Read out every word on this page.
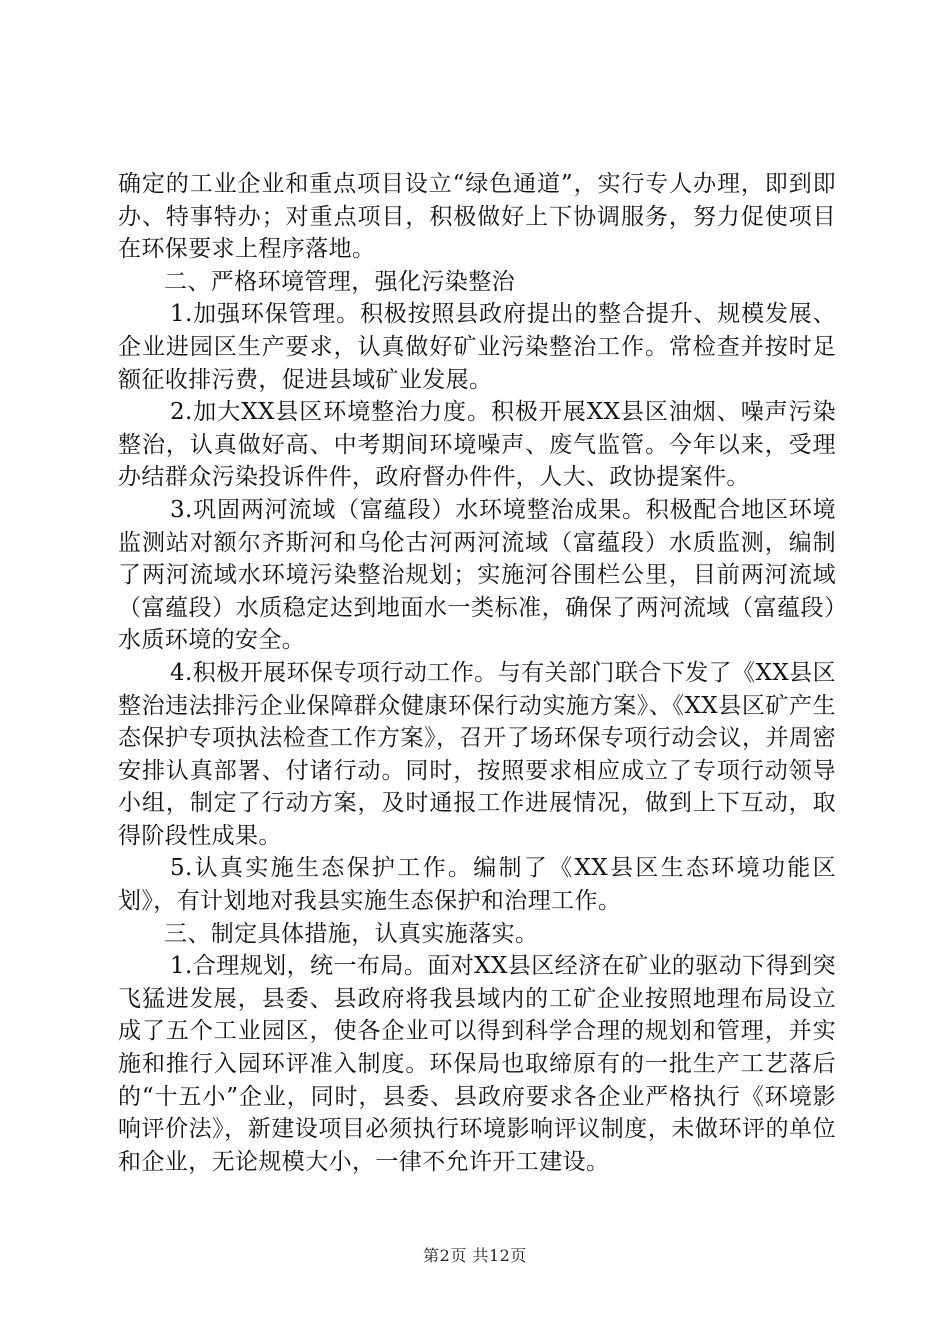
确定的工业企业和重点项目设立“绿色通道”，实行专人办理，即到即办、特事特办；对重点项目，积极做好上下协调服务，努力促使项目在环保要求上程序落地。

二、严格环境管理，强化污染整治

1.加强环保管理。积极按照县政府提出的整合提升、规模发展、企业进园区生产要求，认真做好矿业污染整治工作。常检查并按时足额征收排污费，促进县域矿业发展。

2.加大XX县区环境整治力度。积极开展XX县区油烟、噪声污染整治，认真做好高、中考期间环境噪声、废气监管。今年以来，受理办结群众污染投诉件件，政府督办件件，人大、政协提案件。

3.巩固两河流域（富蕴段）水环境整治成果。积极配合地区环境监测站对额尔齐斯河和乌伦古河两河流域（富蕴段）水质监测，编制了两河流域水环境污染整治规划；实施河谷围栏公里，目前两河流域（富蕴段）水质稳定达到地面水一类标准，确保了两河流域（富蕴段）水质环境的安全。

4.积极开展环保专项行动工作。与有关部门联合下发了《XX县区整治违法排污企业保障群众健康环保行动实施方案》、《XX县区矿产生态保护专项执法检查工作方案》，召开了场环保专项行动会议，并周密安排认真部署、付诸行动。同时，按照要求相应成立了专项行动领导小组，制定了行动方案，及时通报工作进展情况，做到上下互动，取得阶段性成果。

5.认真实施生态保护工作。编制了《XX县区生态环境功能区划》，有计划地对我县实施生态保护和治理工作。

三、制定具体措施，认真实施落实。

1.合理规划，统一布局。面对XX县区经济在矿业的驱动下得到突飞猛进发展，县委、县政府将我县域内的工矿企业按照地理布局设立成了五个工业园区，使各企业可以得到科学合理的规划和管理，并实施和推行入园环评准入制度。环保局也取缔原有的一批生产工艺落后的“十五小”企业，同时，县委、县政府要求各企业严格执行《环境影响评价法》，新建设项目必须执行环境影响评议制度，未做环评的单位和企业，无论规模大小，一律不允许开工建设。

第2页 共12页
